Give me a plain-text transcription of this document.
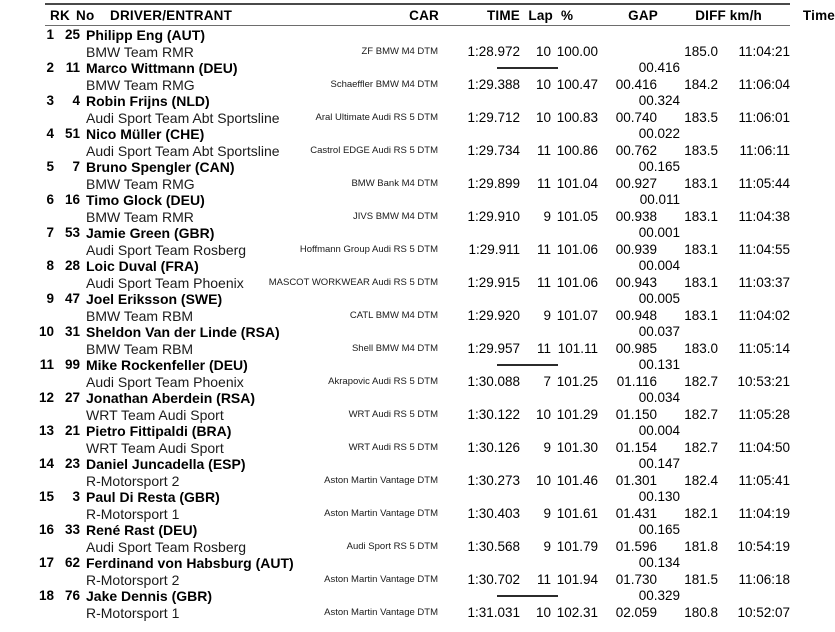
RK No DRIVER/ENTRANT	CAR	TIME Lap %	GAP	DIFF km/h	Time
1 25 Philipp Eng (AUT)
BMW Team RMR	ZF BMW M4 DTM	1:28.972	10 100.00	185.0	11:04:21
2 11 Marco Wittmann (DEU)	00.416
BMW Team RMG	Schaeffler BMW M4 DTM	1:29.388	10 100.47	00.416	184.2	11:06:04
3	4 Robin Frijns (NLD)	00.324
Audi Sport Team Abt Sportsline	Aral Ultimate Audi RS 5 DTM	1:29.712	10 100.83	00.740	183.5	11:06:01
4 51 Nico Müller (CHE)	00.022
Audi Sport Team Abt Sportsline	Castrol EDGE Audi RS 5 DTM	1:29.734	11 100.86	00.762	183.5	11:06:11
5	7 Bruno Spengler (CAN)	00.165
BMW Team RMG	BMW Bank M4 DTM	1:29.899	11 101.04	00.927	183.1	11:05:44
6 16 Timo Glock (DEU)	00.011
BMW Team RMR	JIVS BMW M4 DTM	1:29.910	9 101.05	00.938	183.1	11:04:38
7 53 Jamie Green (GBR)	00.001
Audi Sport Team Rosberg	Hoffmann Group Audi RS 5 DTM	1:29.911	11 101.06	00.939	183.1	11:04:55
8 28 Loic Duval (FRA)	00.004
Audi Sport Team Phoenix	MASCOT WORKWEAR Audi RS 5 DTM	1:29.915	11 101.06	00.943	183.1	11:03:37
9 47 Joel Eriksson (SWE)	00.005
BMW Team RBM	CATL BMW M4 DTM	1:29.920	9 101.07	00.948	183.1	11:04:02
10 31 Sheldon Van der Linde (RSA)	00.037
BMW Team RBM	Shell BMW M4 DTM	1:29.957	11 101.11	00.985	183.0	11:05:14
11 99 Mike Rockenfeller (DEU)	00.131
Audi Sport Team Phoenix	Akrapovic Audi RS 5 DTM	1:30.088	7 101.25	01.116	182.7	10:53:21
12 27 Jonathan Aberdein (RSA)	00.034
WRT Team Audi Sport	WRT Audi RS 5 DTM	1:30.122	10 101.29	01.150	182.7	11:05:28
13 21 Pietro Fittipaldi (BRA)	00.004
WRT Team Audi Sport	WRT Audi RS 5 DTM	1:30.126	9 101.30	01.154	182.7	11:04:50
14 23 Daniel Juncadella (ESP)	00.147
R-Motorsport 2	Aston Martin Vantage DTM	1:30.273	10 101.46	01.301	182.4	11:05:41
15	3 Paul Di Resta (GBR)	00.130
R-Motorsport 1	Aston Martin Vantage DTM	1:30.403	9 101.61	01.431	182.1	11:04:19
16 33 René Rast (DEU)	00.165
Audi Sport Team Rosberg	Audi Sport RS 5 DTM	1:30.568	9 101.79	01.596	181.8	10:54:19
17 62 Ferdinand von Habsburg (AUT)	00.134
R-Motorsport 2	Aston Martin Vantage DTM	1:30.702	11 101.94	01.730	181.5	11:06:18
18 76 Jake Dennis (GBR)	00.329
R-Motorsport 1	Aston Martin Vantage DTM	1:31.031	10 102.31	02.059	180.8	10:52:07
